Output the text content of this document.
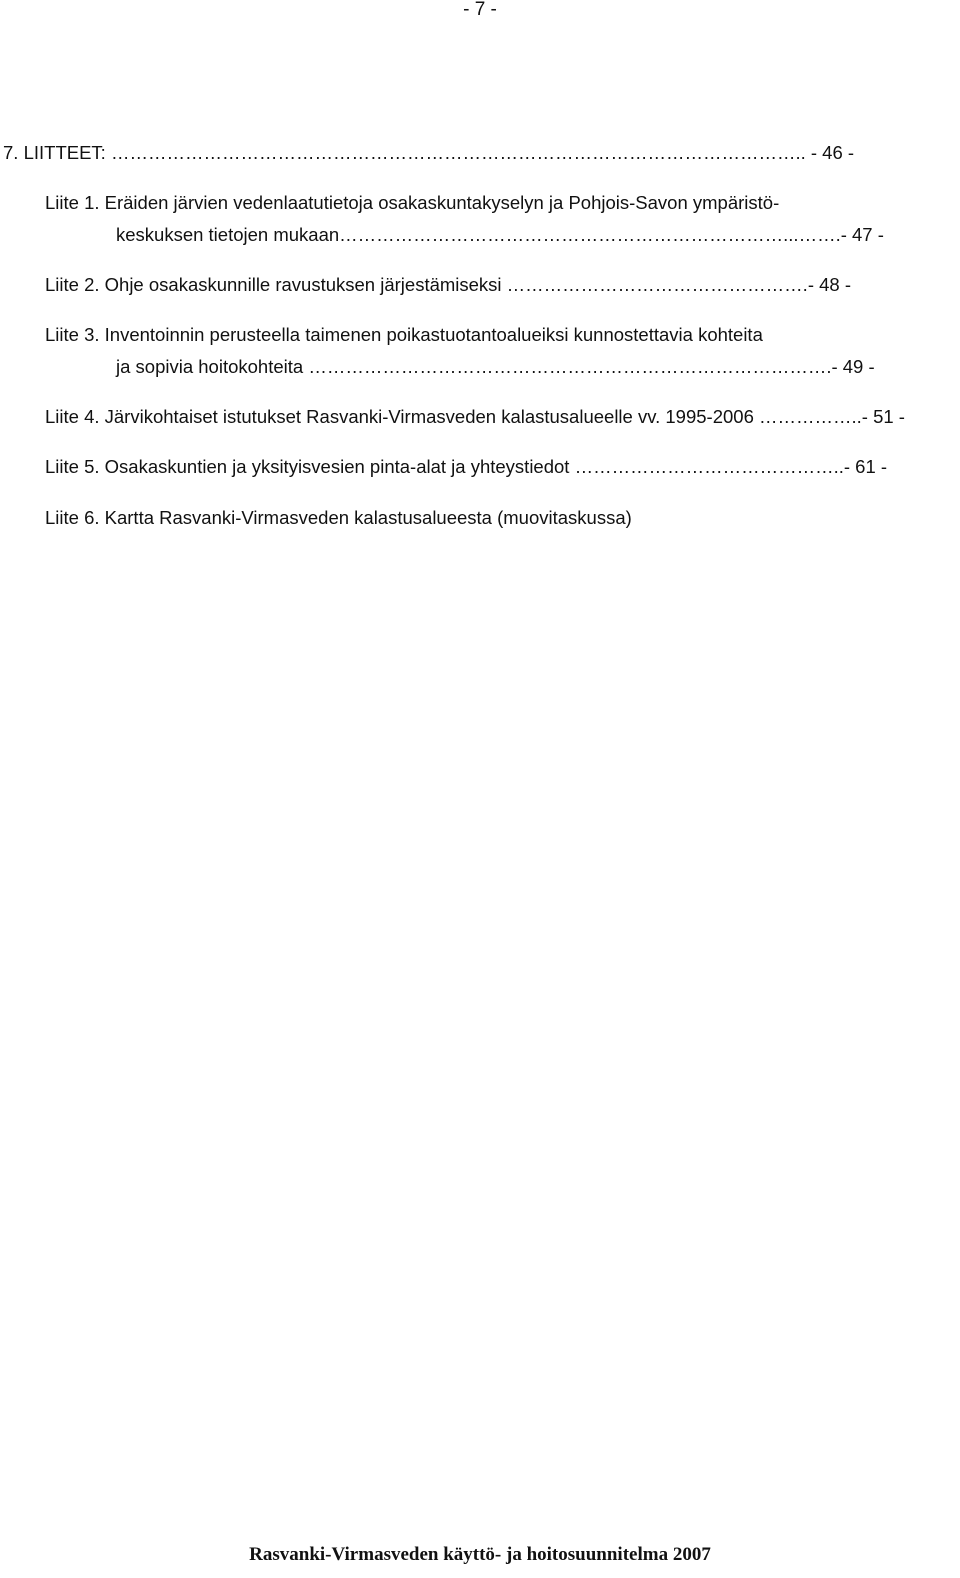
- 7 -
7. LIITTEET: ………………………………………………………………………………………………….. - 46 -
Liite 1. Eräiden järvien vedenlaatutietoja osakaskuntakyselyn ja Pohjois-Savon ympäristö-
keskuksen tietojen mukaan………………………………………………………………...…….- 47 -
Liite 2. Ohje osakaskunnille ravustuksen järjestämiseksi ………………………………………….- 48 -
Liite 3. Inventoinnin perusteella taimenen poikastuotantoalueiksi kunnostettavia kohteita
ja sopivia hoitokohteita ………………………………………………………………………….- 49 -
Liite 4. Järvikohtaiset istutukset Rasvanki-Virmasveden kalastusalueelle vv. 1995-2006 ……………..- 51 -
Liite 5. Osakaskuntien ja yksityisvesien pinta-alat ja yhteystiedot ……………………………………..- 61 -
Liite 6. Kartta Rasvanki-Virmasveden kalastusalueesta (muovitaskussa)
Rasvanki-Virmasveden käyttö- ja hoitosuunnitelma 2007
